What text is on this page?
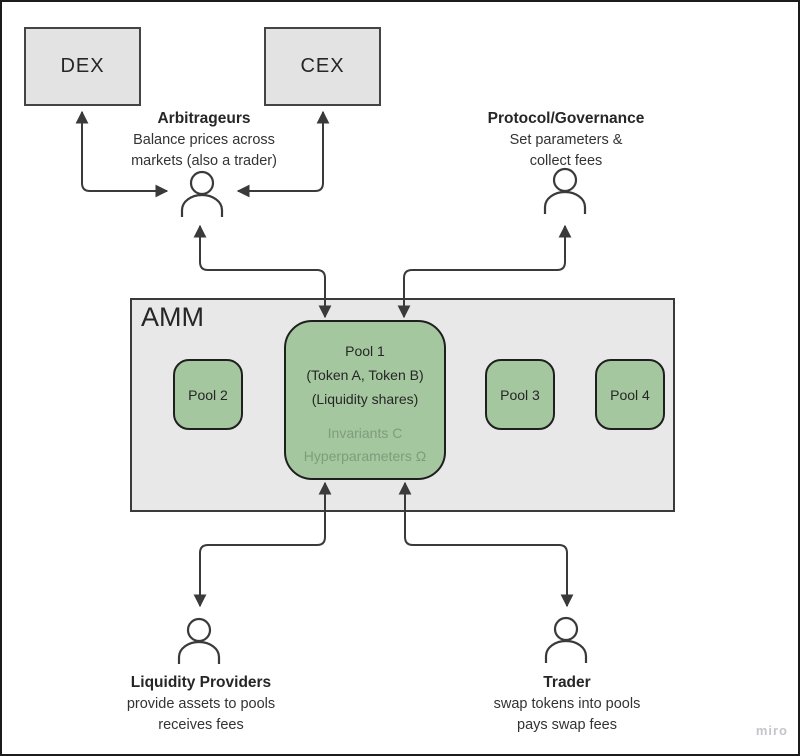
DEX	CEX
Arbitrageurs
Balance prices across
markets (also a trader)
Protocol/Governance
Set parameters &
collect fees
AMM
Pool 1
(Token A, Token B)
(Liquidity shares)
Invariants C
Hyperparameters Ω
Pool 2	Pool 3	Pool 4
Liquidity Providers
provide assets to pools
receives fees
Trader
swap tokens into pools
pays swap fees	miro
